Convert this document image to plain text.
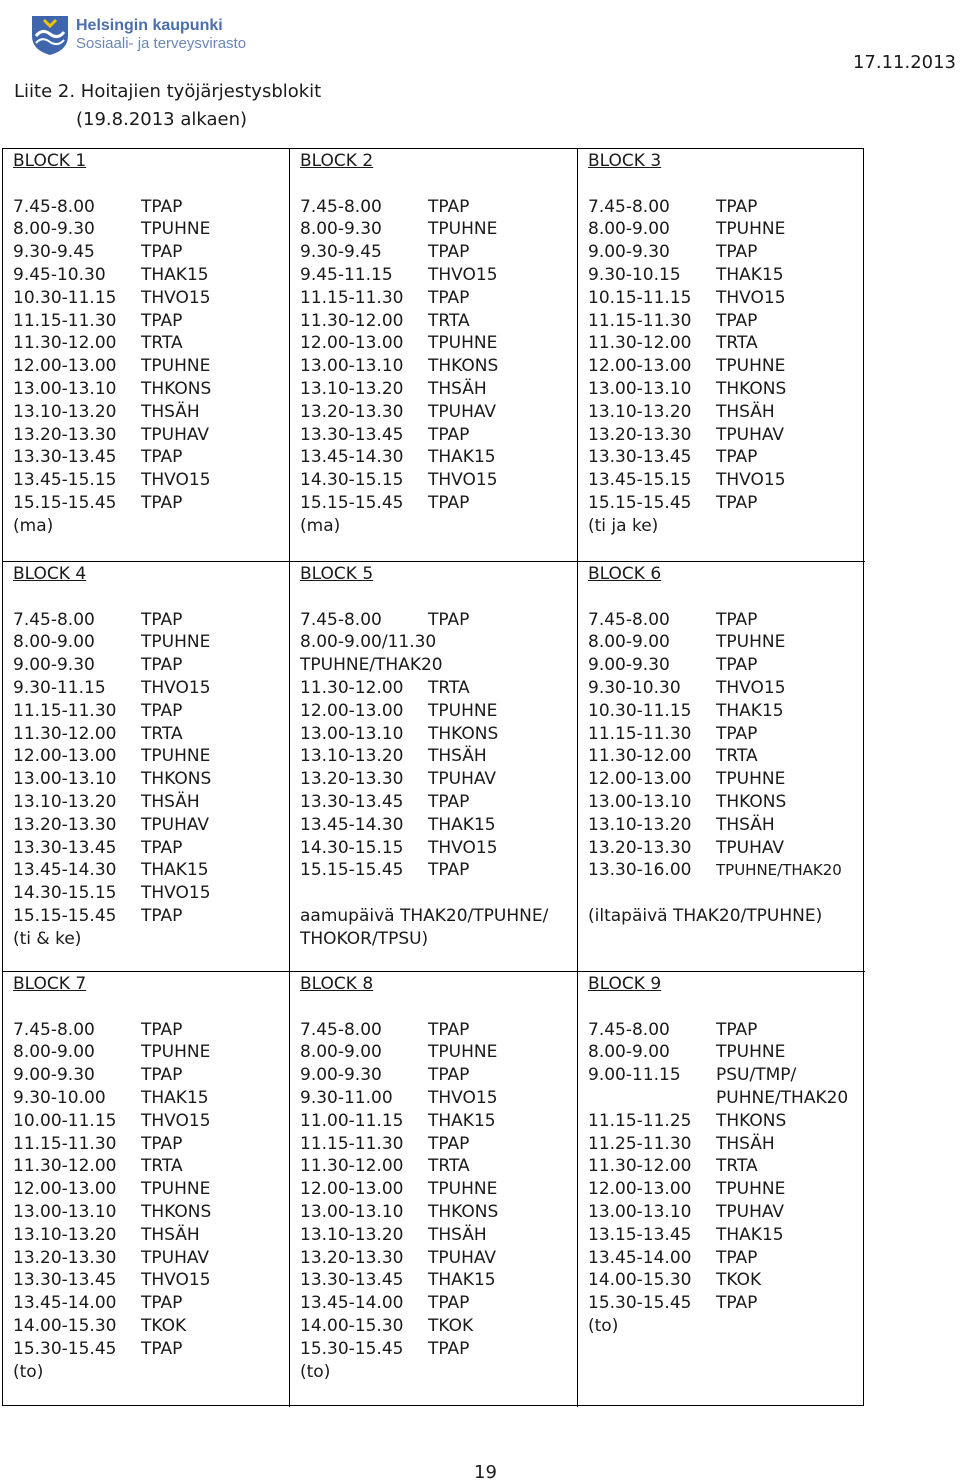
Helsingin kaupunki
Sosiaali- ja terveysvirasto
17.11.2013
Liite 2. Hoitajien työjärjestysblokit
(19.8.2013 alkaen)
BLOCK 1
7.45-8.00	TPAP
8.00-9.30	TPUHNE
9.30-9.45	TPAP
9.45-10.30	THAK15
10.30-11.15	THVO15
11.15-11.30	TPAP
11.30-12.00	TRTA
12.00-13.00	TPUHNE
13.00-13.10	THKONS
13.10-13.20	THSÄH
13.20-13.30	TPUHAV
13.30-13.45	TPAP
13.45-15.15	THVO15
15.15-15.45	TPAP
(ma)
BLOCK 2
7.45-8.00	TPAP
8.00-9.30	TPUHNE
9.30-9.45	TPAP
9.45-11.15	THVO15
11.15-11.30	TPAP
11.30-12.00	TRTA
12.00-13.00	TPUHNE
13.00-13.10	THKONS
13.10-13.20	THSÄH
13.20-13.30	TPUHAV
13.30-13.45	TPAP
13.45-14.30	THAK15
14.30-15.15	THVO15
15.15-15.45	TPAP
(ma)
BLOCK 3
7.45-8.00	TPAP
8.00-9.00	TPUHNE
9.00-9.30	TPAP
9.30-10.15	THAK15
10.15-11.15	THVO15
11.15-11.30	TPAP
11.30-12.00	TRTA
12.00-13.00	TPUHNE
13.00-13.10	THKONS
13.10-13.20	THSÄH
13.20-13.30	TPUHAV
13.30-13.45	TPAP
13.45-15.15	THVO15
15.15-15.45	TPAP
(ti ja ke)
BLOCK 4
7.45-8.00	TPAP
8.00-9.00	TPUHNE
9.00-9.30	TPAP
9.30-11.15	THVO15
11.15-11.30	TPAP
11.30-12.00	TRTA
12.00-13.00	TPUHNE
13.00-13.10	THKONS
13.10-13.20	THSÄH
13.20-13.30	TPUHAV
13.30-13.45	TPAP
13.45-14.30	THAK15
14.30-15.15	THVO15
15.15-15.45	TPAP
(ti & ke)
BLOCK 5
7.45-8.00	TPAP
8.00-9.00/11.30
TPUHNE/THAK20
11.30-12.00	TRTA
12.00-13.00	TPUHNE
13.00-13.10	THKONS
13.10-13.20	THSÄH
13.20-13.30	TPUHAV
13.30-13.45	TPAP
13.45-14.30	THAK15
14.30-15.15	THVO15
15.15-15.45	TPAP
aamupäivä THAK20/TPUHNE/
THOKOR/TPSU)
BLOCK 6
7.45-8.00	TPAP
8.00-9.00	TPUHNE
9.00-9.30	TPAP
9.30-10.30	THVO15
10.30-11.15	THAK15
11.15-11.30	TPAP
11.30-12.00	TRTA
12.00-13.00	TPUHNE
13.00-13.10	THKONS
13.10-13.20	THSÄH
13.20-13.30	TPUHAV
13.30-16.00	TPUHNE/THAK20
(iltapäivä THAK20/TPUHNE)
BLOCK 7
7.45-8.00	TPAP
8.00-9.00	TPUHNE
9.00-9.30	TPAP
9.30-10.00	THAK15
10.00-11.15	THVO15
11.15-11.30	TPAP
11.30-12.00	TRTA
12.00-13.00	TPUHNE
13.00-13.10	THKONS
13.10-13.20	THSÄH
13.20-13.30	TPUHAV
13.30-13.45	THVO15
13.45-14.00	TPAP
14.00-15.30	TKOK
15.30-15.45	TPAP
(to)
BLOCK 8
7.45-8.00	TPAP
8.00-9.00	TPUHNE
9.00-9.30	TPAP
9.30-11.00	THVO15
11.00-11.15	THAK15
11.15-11.30	TPAP
11.30-12.00	TRTA
12.00-13.00	TPUHNE
13.00-13.10	THKONS
13.10-13.20	THSÄH
13.20-13.30	TPUHAV
13.30-13.45	THAK15
13.45-14.00	TPAP
14.00-15.30	TKOK
15.30-15.45	TPAP
(to)
BLOCK 9
7.45-8.00	TPAP
8.00-9.00	TPUHNE
9.00-11.15	PSU/TMP/
PUHNE/THAK20
11.15-11.25	THKONS
11.25-11.30	THSÄH
11.30-12.00	TRTA
12.00-13.00	TPUHNE
13.00-13.10	TPUHAV
13.15-13.45	THAK15
13.45-14.00	TPAP
14.00-15.30	TKOK
15.30-15.45	TPAP
(to)
19
